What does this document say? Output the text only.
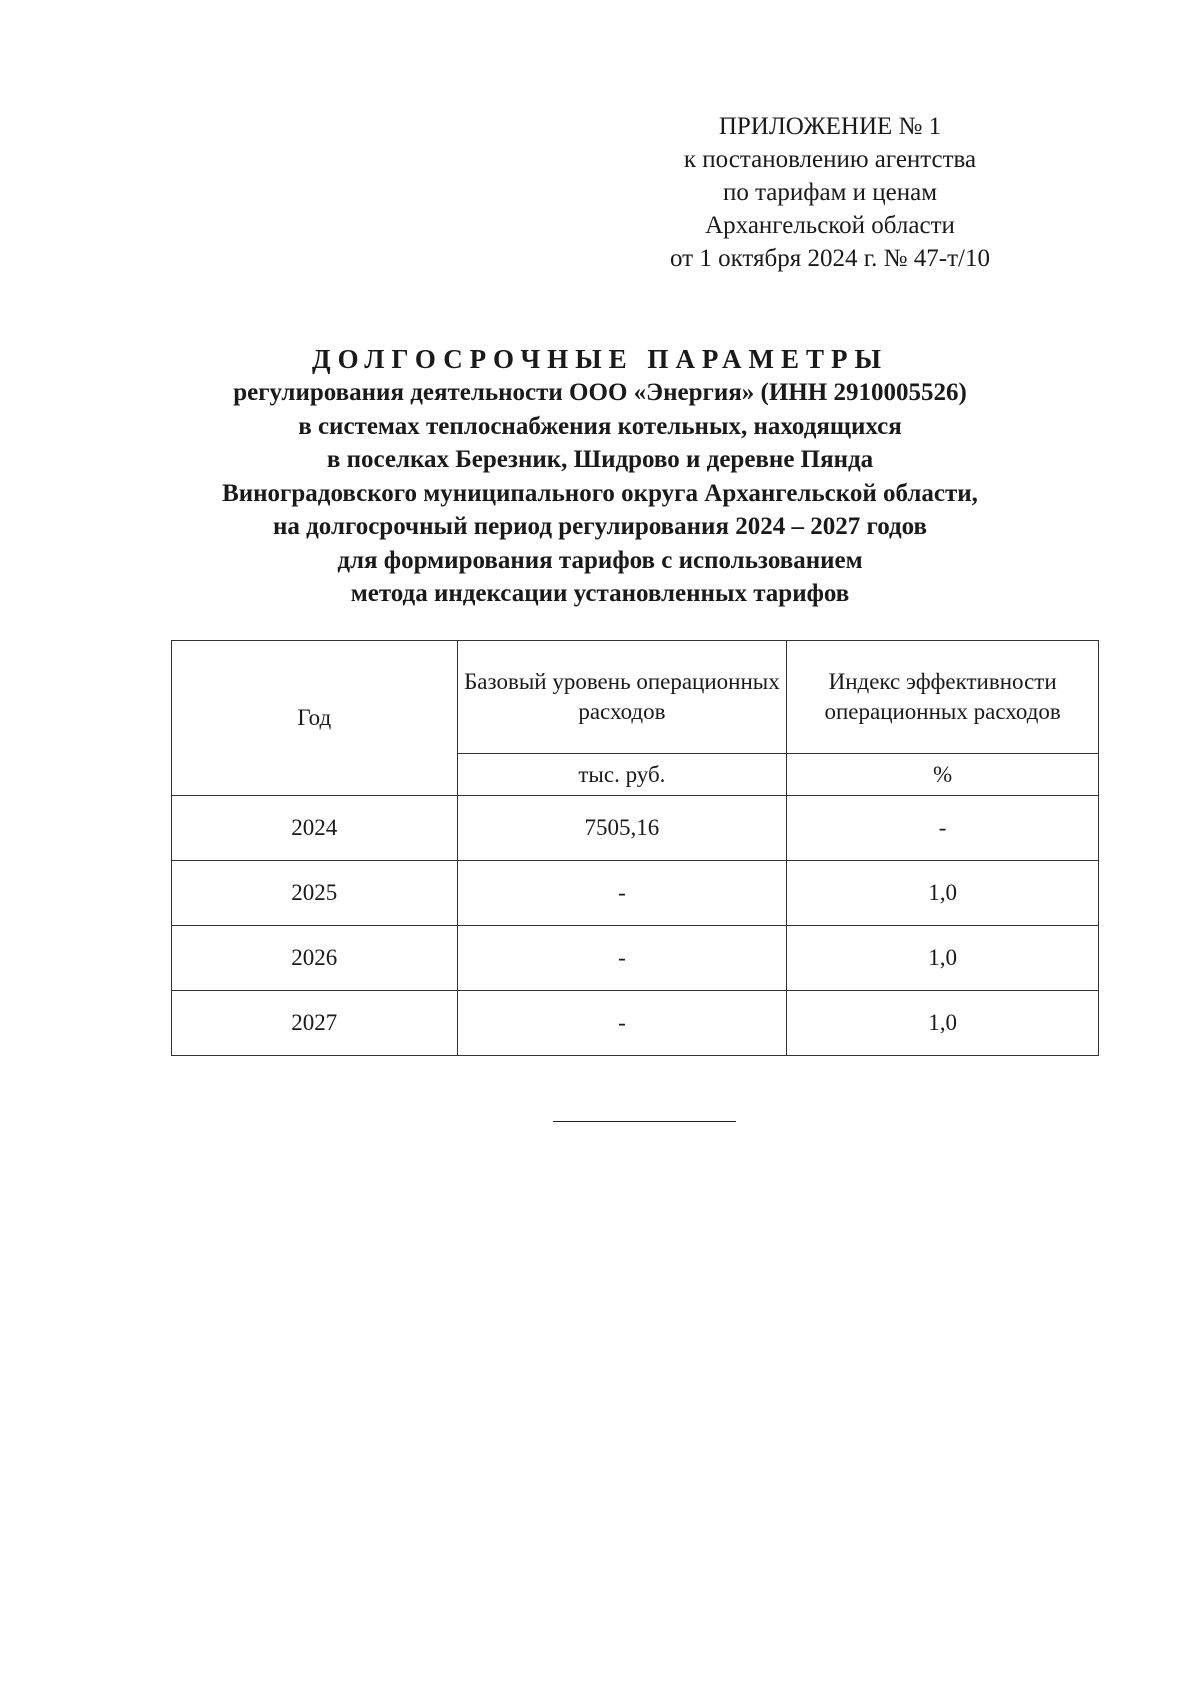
ПРИЛОЖЕНИЕ № 1
к постановлению агентства
по тарифам и ценам
Архангельской области
от 1 октября 2024 г. № 47-т/10
ДОЛГОСРОЧНЫЕ ПАРАМЕТРЫ
регулирования деятельности ООО «Энергия» (ИНН 2910005526)
в системах теплоснабжения котельных, находящихся
в поселках Березник, Шидрово и деревне Пянда
Виноградовского муниципального округа Архангельской области,
на долгосрочный период регулирования 2024 – 2027 годов
для формирования тарифов с использованием
метода индексации установленных тарифов
Год	Базовый уровень операционных расходов	Индекс эффективности операционных расходов
	тыс. руб.	%
2024	7505,16	-
2025	-	1,0
2026	-	1,0
2027	-	1,0
